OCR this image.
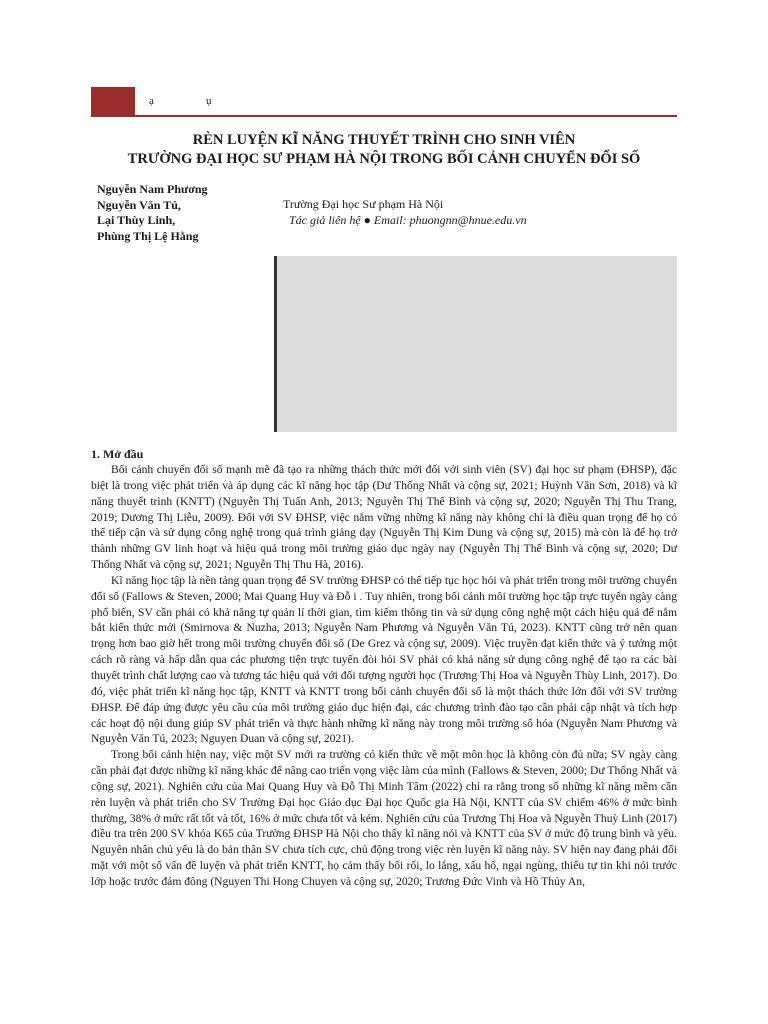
ạ	ụ
RÈN LUYỆN KĨ NĂNG THUYẾT TRÌNH CHO SINH VIÊN
TRƯỜNG ĐẠI HỌC SƯ PHẠM HÀ NỘI TRONG BỐI CẢNH CHUYỂN ĐỔI SỐ
Nguyễn Nam Phương
Nguyễn Văn Tú,
Lại Thùy Linh,
Phùng Thị Lệ Hằng
Trường Đại học Sư phạm Hà Nội
Tác giả liên hệ ● Email: phuongnn@hnue.edu.vn
1. Mở đầu

Bối cảnh chuyển đổi số mạnh mẽ đã tạo ra những thách thức mới đối với sinh viên (SV) đại học sư phạm (ĐHSP), đặc biệt là trong việc phát triển và áp dụng các kĩ năng học tập (Dư Thống Nhất và cộng sự, 2021; Huỳnh Văn Sơn, 2018) và kĩ năng thuyết trình (KNTT) (Nguyễn Thị Tuấn Anh, 2013; Nguyễn Thị Thế Bình và cộng sự, 2020; Nguyễn Thị Thu Trang, 2019; Dương Thị Liễu, 2009). Đối với SV ĐHSP, việc nắm vững những kĩ năng này không chỉ là điều quan trọng để họ có thể tiếp cận và sử dụng công nghệ trong quá trình giảng dạy (Nguyễn Thị Kim Dung và cộng sự, 2015) mà còn là để họ trở thành những GV linh hoạt và hiệu quả trong môi trường giáo dục ngày nay (Nguyễn Thị Thế Bình và cộng sự, 2020; Dư Thống Nhất và cộng sự, 2021; Nguyễn Thị Thu Hà, 2016).

Kĩ năng học tập là nền tảng quan trọng để SV trường ĐHSP có thể tiếp tục học hỏi và phát triển trong môi trường chuyển đổi số (Fallows & Steven, 2000; Mai Quang Huy và Đỗ i . Tuy nhiên, trong bối cảnh môi trường học tập trực tuyến ngày càng phổ biến, SV cần phải có khả năng tự quản lí thời gian, tìm kiếm thông tin và sử dụng công nghệ một cách hiệu quả để nắm bắt kiến thức mới (Smirnova & Nuzha, 2013; Nguyễn Nam Phương và Nguyễn Văn Tú, 2023). KNTT cũng trở nên quan trọng hơn bao giờ hết trong môi trường chuyển đổi số (De Grez và cộng sự, 2009). Việc truyền đạt kiến thức và ý tưởng một cách rõ ràng và hấp dẫn qua các phương tiện trực tuyến đòi hỏi SV phải có khả năng sử dụng công nghệ để tạo ra các bài thuyết trình chất lượng cao và tương tác hiệu quả với đối tượng người học (Trương Thị Hoa và Nguyễn Thùy Linh, 2017). Do đó, việc phát triển kĩ năng học tập, KNTT và KNTT trong bối cảnh chuyển đổi số là một thách thức lớn đối với SV trường ĐHSP. Để đáp ứng được yêu cầu của môi trường giáo dục hiện đại, các chương trình đào tạo cần phải cập nhật và tích hợp các hoạt độ nội dung giúp SV phát triển và thực hành những kĩ năng này trong môi trường số hóa (Nguyễn Nam Phương và Nguyễn Văn Tú, 2023; Nguyen Duan và cộng sự, 2021).

Trong bối cảnh hiện nay, việc một SV mới ra trường có kiến thức về một môn học là không còn đủ nữa; SV ngày càng cần phải đạt được những kĩ năng khác để nâng cao triển vọng việc làm của mình (Fallows & Steven, 2000; Dư Thống Nhất và cộng sự, 2021). Nghiên cứu của Mai Quang Huy và Đỗ Thị Minh Tâm (2022) chỉ ra rằng trong số những kĩ năng mềm cần rèn luyện và phát triển cho SV Trường Đại học Giáo dục Đại học Quốc gia Hà Nội, KNTT của SV chiếm 46% ở mức bình thường, 38% ở mức rất tốt và tốt, 16% ở mức chưa tốt và kém. Nghiên cứu của Trương Thị Hoa và Nguyễn Thuỳ Linh (2017) điều tra trên 200 SV khóa K65 của Trường ĐHSP Hà Nội cho thấy kĩ năng nói và KNTT của SV ở mức độ trung bình và yếu. Nguyên nhân chủ yếu là do bản thân SV chưa tích cực, chủ động trong việc rèn luyện kĩ năng này. SV hiện nay đang phải đối mặt với một số vấn đề luyện và phát triển KNTT, họ cảm thấy bối rối, lo lắng, xấu hổ, ngại ngùng, thiếu tự tin khi nói trước lớp hoặc trước đám đông (Nguyen Thi Hong Chuyen và cộng sự, 2020; Trương Đức Vinh và Hồ Thủy An,
